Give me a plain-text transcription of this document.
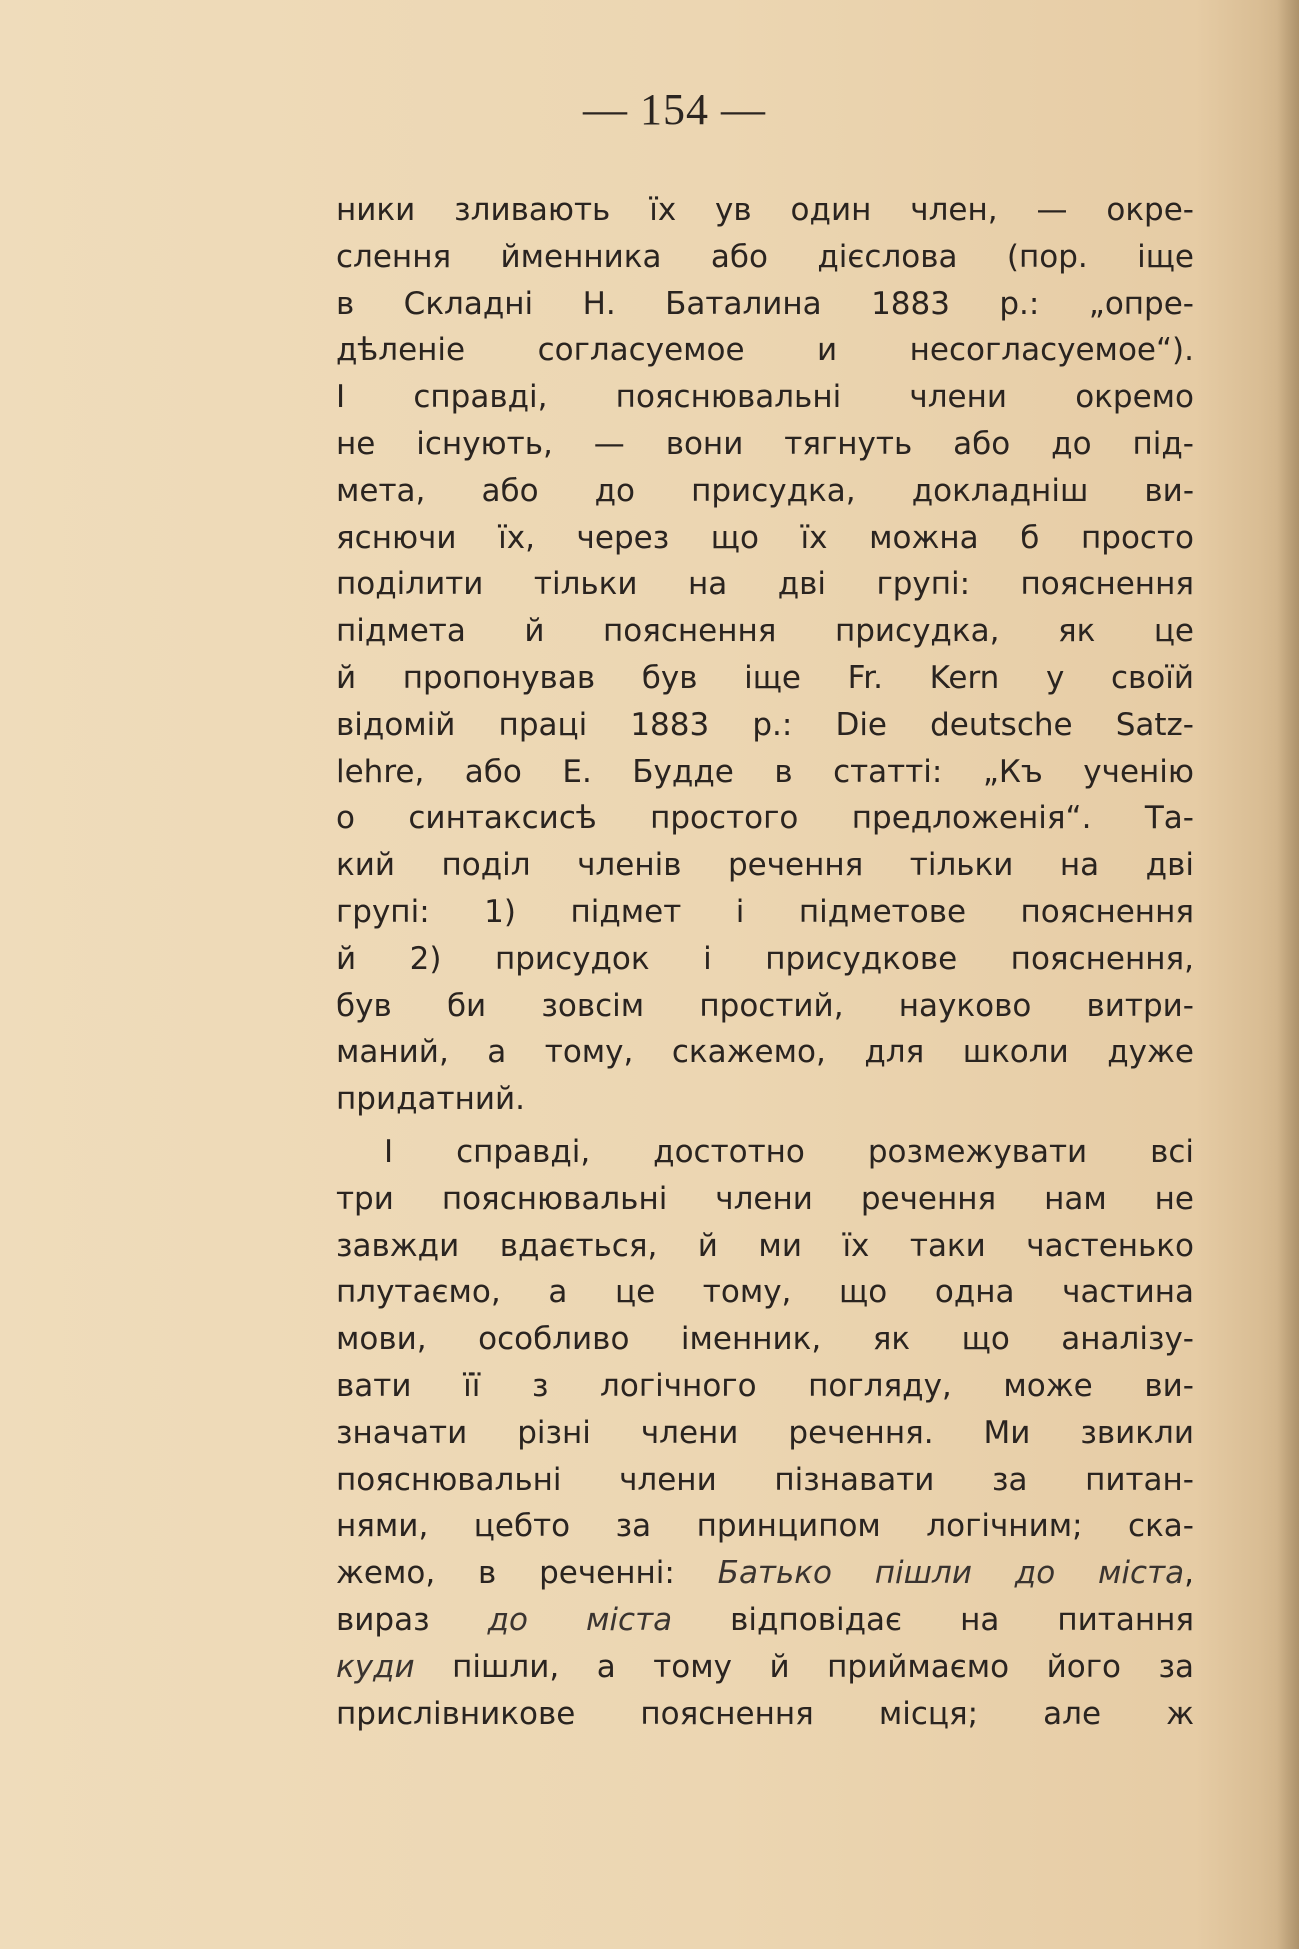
— 154 —
ники зливають їх ув один член, — окре-
слення йменника або дієслова (пор. іще
в Складні Н. Баталина 1883 р.: „опре-
дѣленіе согласуемое и несогласуемое“).
І справді, пояснювальні члени окремо
не існують, — вони тягнуть або до під-
мета, або до присудка, докладніш ви-
яснючи їх, через що їх можна б просто
поділити тільки на дві групі: пояснення
підмета й пояснення присудка, як це
й пропонував був іще Fr. Kern у своїй
відомій праці 1883 р.: Die deutsche Satz-
lehre, або Е. Будде в статті: „Къ ученію
о синтаксисѣ простого предложенія“. Та-
кий поділ членів речення тільки на дві
групі: 1) підмет і підметове пояснення
й 2) присудок і присудкове пояснення,
був би зовсім простий, науково витри-
маний, а тому, скажемо, для школи дуже
придатний.
І справді, достотно розмежувати всі
три пояснювальні члени речення нам не
завжди вдається, й ми їх таки частенько
плутаємо, а це тому, що одна частина
мови, особливо іменник, як що аналізу-
вати її з логічного погляду, може ви-
значати різні члени речення. Ми звикли
пояснювальні члени пізнавати за питан-
нями, цебто за принципом логічним; ска-
жемо, в реченні: Батько пішли до міста,
вираз до міста відповідає на питання
куди пішли, а тому й приймаємо його за
прислівникове пояснення місця; але ж
